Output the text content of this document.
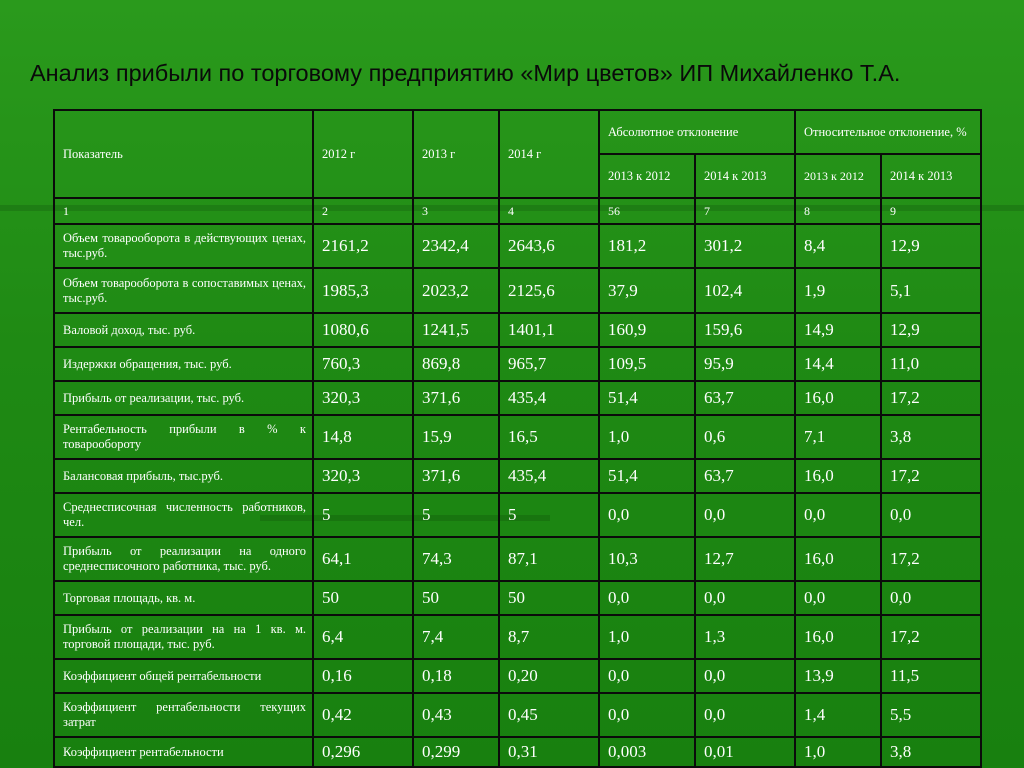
Анализ прибыли по торговому предприятию «Мир цветов» ИП Михайленко Т.А.
Показатель	2012 г	2013 г	2014 г	Абсолютное отклонение		Относительное отклонение, %	
				2013 к 2012	2014 к 2013	2013 к 2012	2014 к 2013
1	2	3	4	56	7	8	9
Объем товарооборота в действующих ценах, тыс.руб.	2161,2	2342,4	2643,6	181,2	301,2	8,4	12,9
Объем товарооборота в сопоставимых ценах, тыс.руб.	1985,3	2023,2	2125,6	37,9	102,4	1,9	5,1
Валовой доход, тыс. руб.	1080,6	1241,5	1401,1	160,9	159,6	14,9	12,9
Издержки обращения, тыс. руб.	760,3	869,8	965,7	109,5	95,9	14,4	11,0
Прибыль от реализации, тыс. руб.	320,3	371,6	435,4	51,4	63,7	16,0	17,2
Рентабельность прибыли в % к товарообороту	14,8	15,9	16,5	1,0	0,6	7,1	3,8
Балансовая прибыль, тыс.руб.	320,3	371,6	435,4	51,4	63,7	16,0	17,2
Среднесписочная численность работников, чел.	5	5	5	0,0	0,0	0,0	0,0
Прибыль от реализации на одного среднесписочного работника, тыс. руб.	64,1	74,3	87,1	10,3	12,7	16,0	17,2
Торговая площадь, кв. м.	50	50	50	0,0	0,0	0,0	0,0
Прибыль от реализации на на 1 кв. м. торговой площади, тыс. руб.	6,4	7,4	8,7	1,0	1,3	16,0	17,2
Коэффициент общей рентабельности	0,16	0,18	0,20	0,0	0,0	13,9	11,5
Коэффициент рентабельности текущих затрат	0,42	0,43	0,45	0,0	0,0	1,4	5,5
Коэффициент рентабельности	0,296	0,299	0,31	0,003	0,01	1,0	3,8
